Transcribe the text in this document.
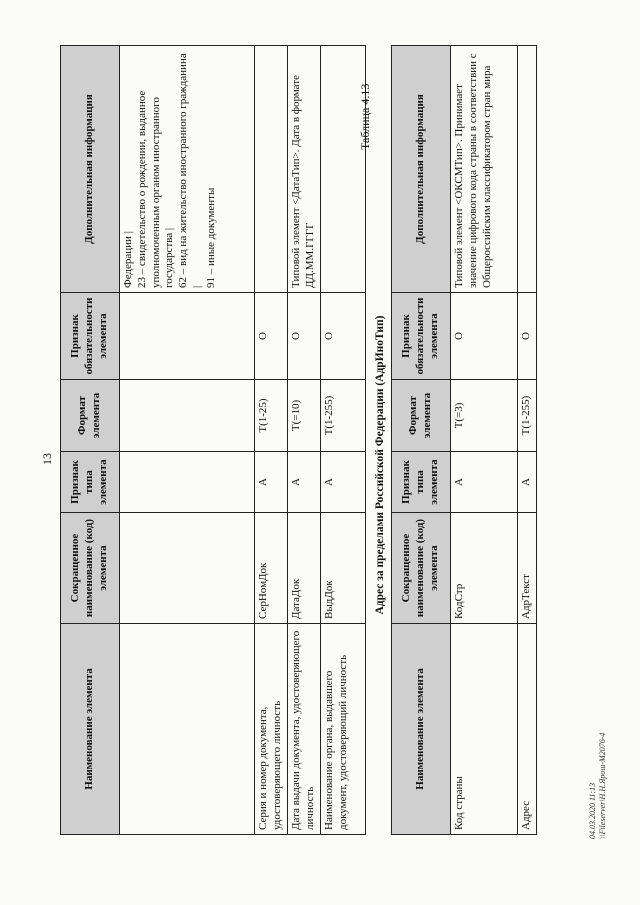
13
Наименование элемента	Сокращенное наименование (код) элемента	Признак типа элемента	Формат элемента	Признак обязательности элемента	Дополнительная информация

					Федерации | 23 – свидетельство о рождении, выданное уполномоченным органом иностранного государства | 62 – вид на жительство иностранного гражданина | 91 – иные документы

Серия и номер документа, удостоверяющего личность	СерНомДок	А	T(1-25)	О	
Дата выдачи документа, удостоверяющего личность	ДатаДок	А	T(=10)	О	Типовой элемент <ДатаТип>. Дата в формате ДД.ММ.ГГГГ
Наименование органа, выдавшего документ, удостоверяющий личность	ВыдДок	А	T(1-255)	О	
Таблица 4.13
Адрес за пределами Российской Федерации (АдрИноТип)
Наименование элемента	Сокращенное наименование (код) элемента	Признак типа элемента	Формат элемента	Признак обязательности элемента	Дополнительная информация
Код страны	КодСтр	А	T(=3)	О	Типовой элемент <ОКСМТип>. Принимает значение цифрового кода страны в соответствии с Общероссийским классификатором стран мира
Адрес	АдрТекст	А	T(1-255)	О	
04.03.2020 11:13 \\Fileserver\Н.Н.Ярош-М2076-4
